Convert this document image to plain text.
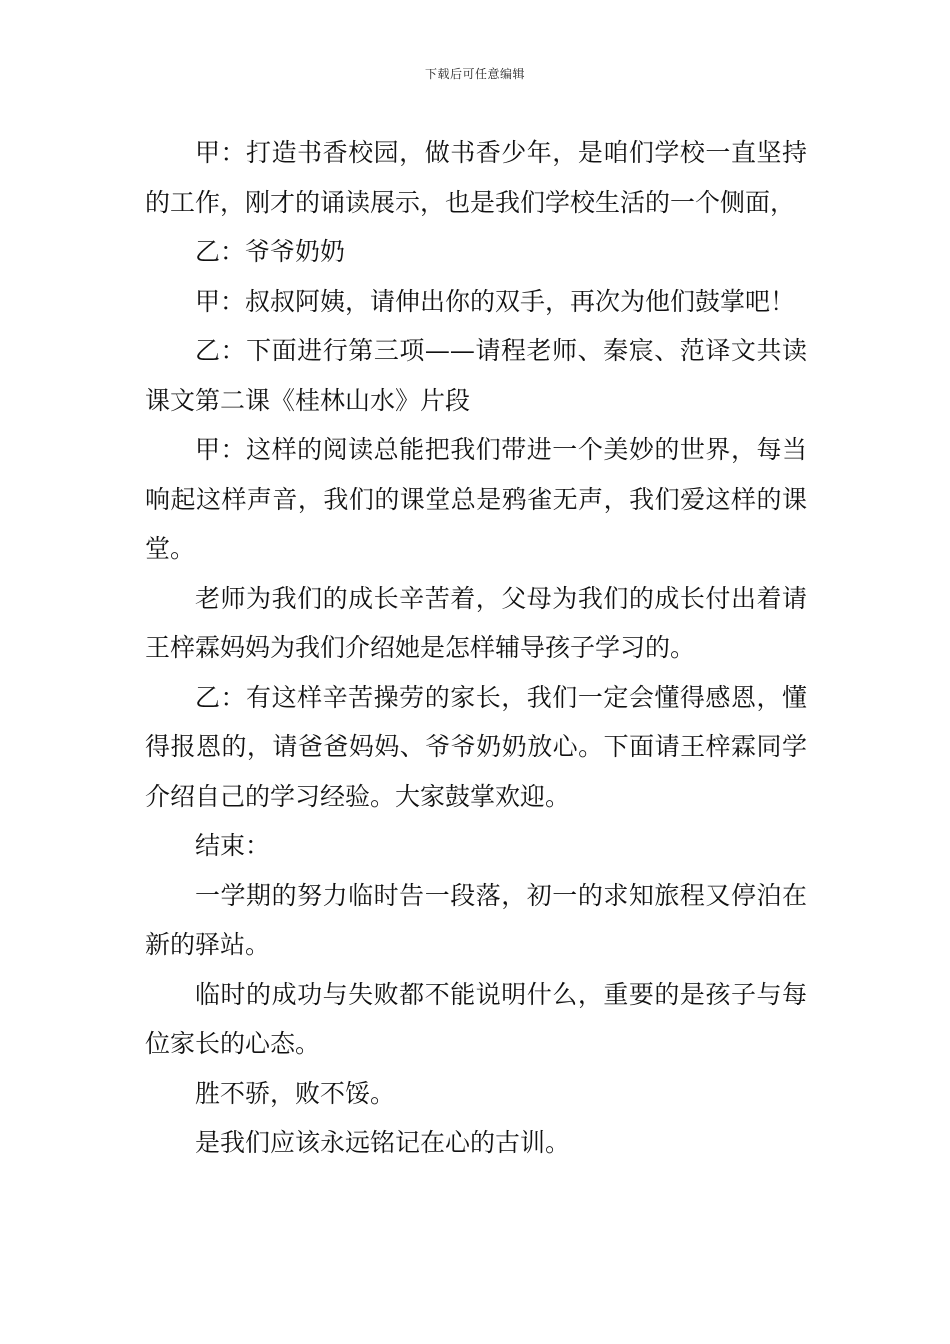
下载后可任意编辑

甲：打造书香校园，做书香少年，是咱们学校一直坚持的工作，刚才的诵读展示，也是我们学校生活的一个侧面，

乙：爷爷奶奶

甲：叔叔阿姨，请伸出你的双手，再次为他们鼓掌吧！

乙：下面进行第三项——请程老师、秦宸、范译文共读课文第二课《桂林山水》片段

甲：这样的阅读总能把我们带进一个美妙的世界，每当响起这样声音，我们的课堂总是鸦雀无声，我们爱这样的课堂。

老师为我们的成长辛苦着，父母为我们的成长付出着请王梓霖妈妈为我们介绍她是怎样辅导孩子学习的。

乙：有这样辛苦操劳的家长，我们一定会懂得感恩，懂得报恩的，请爸爸妈妈、爷爷奶奶放心。下面请王梓霖同学介绍自己的学习经验。大家鼓掌欢迎。

结束：

一学期的努力临时告一段落，初一的求知旅程又停泊在新的驿站。

临时的成功与失败都不能说明什么，重要的是孩子与每位家长的心态。

胜不骄，败不馁。

是我们应该永远铭记在心的古训。
